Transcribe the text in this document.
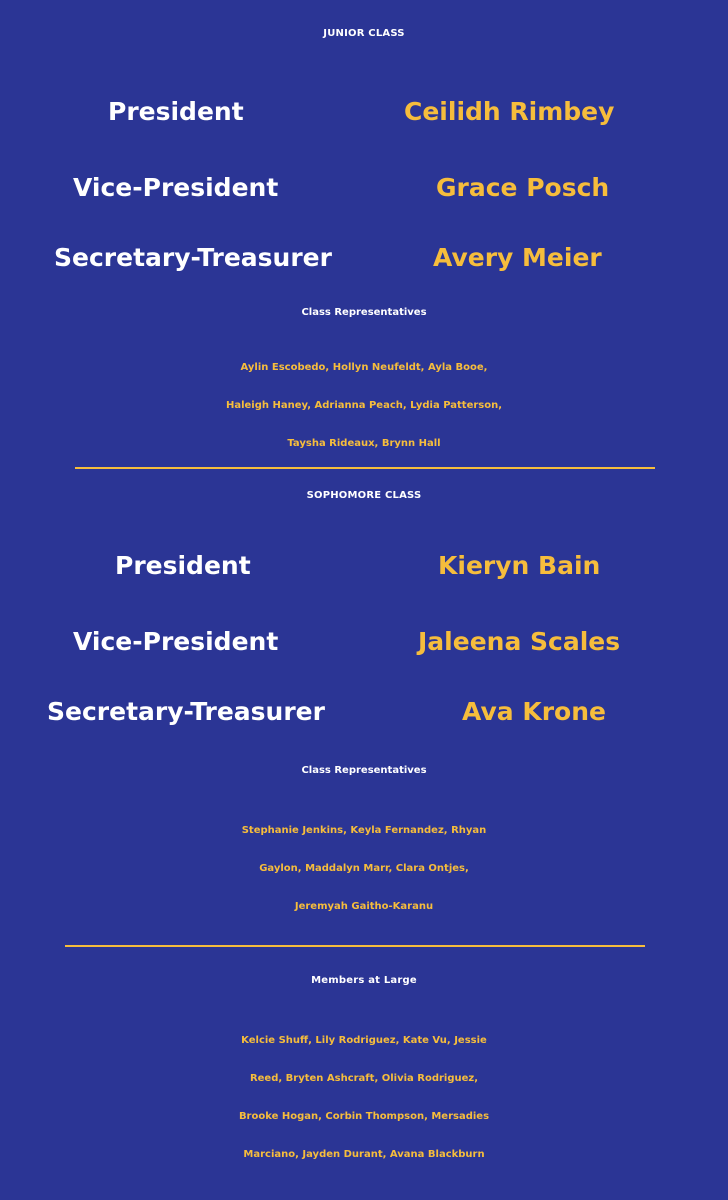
JUNIOR CLASS
President	Ceilidh Rimbey
Vice-President	Grace Posch
Secretary-Treasurer	Avery Meier
Class Representatives
Aylin Escobedo, Hollyn Neufeldt, Ayla Booe,
Haleigh Haney, Adrianna Peach, Lydia Patterson,
Taysha Rideaux, Brynn Hall
SOPHOMORE CLASS
President	Kieryn Bain
Vice-President	Jaleena Scales
Secretary-Treasurer	Ava Krone
Class Representatives
Stephanie Jenkins, Keyla Fernandez, Rhyan
Gaylon, Maddalyn Marr, Clara Ontjes,
Jeremyah Gaitho-Karanu
Members at Large
Kelcie Shuff, Lily Rodriguez, Kate Vu, Jessie
Reed, Bryten Ashcraft, Olivia Rodriguez,
Brooke Hogan, Corbin Thompson, Mersadies
Marciano, Jayden Durant, Avana Blackburn
